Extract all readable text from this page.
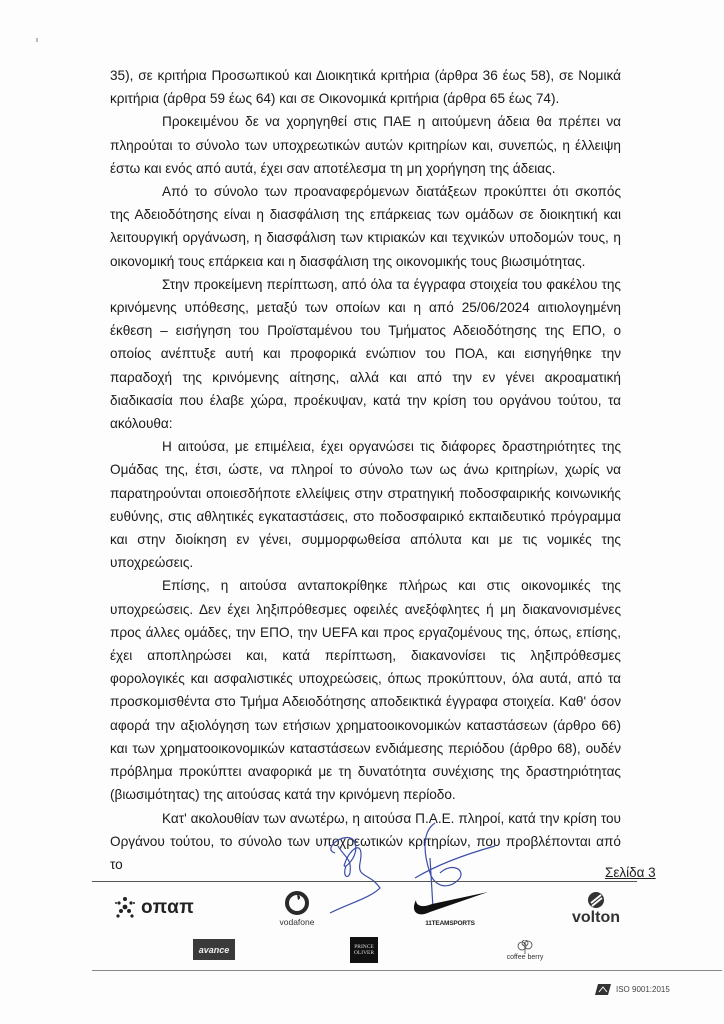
35), σε κριτήρια Προσωπικού και Διοικητικά κριτήρια (άρθρα 36 έως 58), σε Νομικά κριτήρια (άρθρα 59 έως 64) και σε Οικονομικά κριτήρια (άρθρα 65 έως 74).

Προκειμένου δε να χορηγηθεί στις ΠΑΕ η αιτούμενη άδεια θα πρέπει να πληρούται το σύνολο των υποχρεωτικών αυτών κριτηρίων και, συνεπώς, η έλλειψη έστω και ενός από αυτά, έχει σαν αποτέλεσμα τη μη χορήγηση της άδειας.

Από το σύνολο των προαναφερόμενων διατάξεων προκύπτει ότι σκοπός της Αδειοδότησης είναι η διασφάλιση της επάρκειας των ομάδων σε διοικητική και λειτουργική οργάνωση, η διασφάλιση των κτιριακών και τεχνικών υποδομών τους, η οικονομική τους επάρκεια και η διασφάλιση της οικονομικής τους βιωσιμότητας.

Στην προκείμενη περίπτωση, από όλα τα έγγραφα στοιχεία του φακέλου της κρινόμενης υπόθεσης, μεταξύ των οποίων και η από 25/06/2024 αιτιολογημένη έκθεση – εισήγηση του Προϊσταμένου του Τμήματος Αδειοδότησης της ΕΠΟ, ο οποίος ανέπτυξε αυτή και προφορικά ενώπιον του ΠΟΑ, και εισηγήθηκε την παραδοχή της κρινόμενης αίτησης, αλλά και από την εν γένει ακροαματική διαδικασία που έλαβε χώρα, προέκυψαν, κατά την κρίση του οργάνου τούτου, τα ακόλουθα:

Η αιτούσα, με επιμέλεια, έχει οργανώσει τις διάφορες δραστηριότητες της Ομάδας της, έτσι, ώστε, να πληροί το σύνολο των ως άνω κριτηρίων, χωρίς να παρατηρούνται οποιεσδήποτε ελλείψεις στην στρατηγική ποδοσφαιρικής κοινωνικής ευθύνης, στις αθλητικές εγκαταστάσεις, στο ποδοσφαιρικό εκπαιδευτικό πρόγραμμα και στην διοίκηση εν γένει, συμμορφωθείσα απόλυτα και με τις νομικές της υποχρεώσεις.

Επίσης, η αιτούσα ανταποκρίθηκε πλήρως και στις οικονομικές της υποχρεώσεις. Δεν έχει ληξιπρόθεσμες οφειλές ανεξόφλητες ή μη διακανονισμένες προς άλλες ομάδες, την ΕΠΟ, την UEFA και προς εργαζομένους της, όπως, επίσης, έχει αποπληρώσει και, κατά περίπτωση, διακανονίσει τις ληξιπρόθεσμες φορολογικές και ασφαλιστικές υποχρεώσεις, όπως προκύπτουν, όλα αυτά, από τα προσκομισθέντα στο Τμήμα Αδειοδότησης αποδεικτικά έγγραφα στοιχεία. Καθ' όσον αφορά την αξιολόγηση των ετήσιων χρηματοοικονομικών καταστάσεων (άρθρο 66) και των χρηματοοικονομικών καταστάσεων ενδιάμεσης περιόδου (άρθρο 68), ουδέν πρόβλημα προκύπτει αναφορικά με τη δυνατότητα συνέχισης της δραστηριότητας (βιωσιμότητας) της αιτούσας κατά την κρινόμενη περίοδο.

Κατ' ακολουθίαν των ανωτέρω, η αιτούσα Π.Α.Ε. πληροί, κατά την κρίση του Οργάνου τούτου, το σύνολο των υποχρεωτικών κριτηρίων, που προβλέπονται από το

Σελίδα 3
οπαπ
vodafone	11TEAMSPORTS	volton
avance	PRINCE OLIVER
coffee berry
ISO 9001:2015
